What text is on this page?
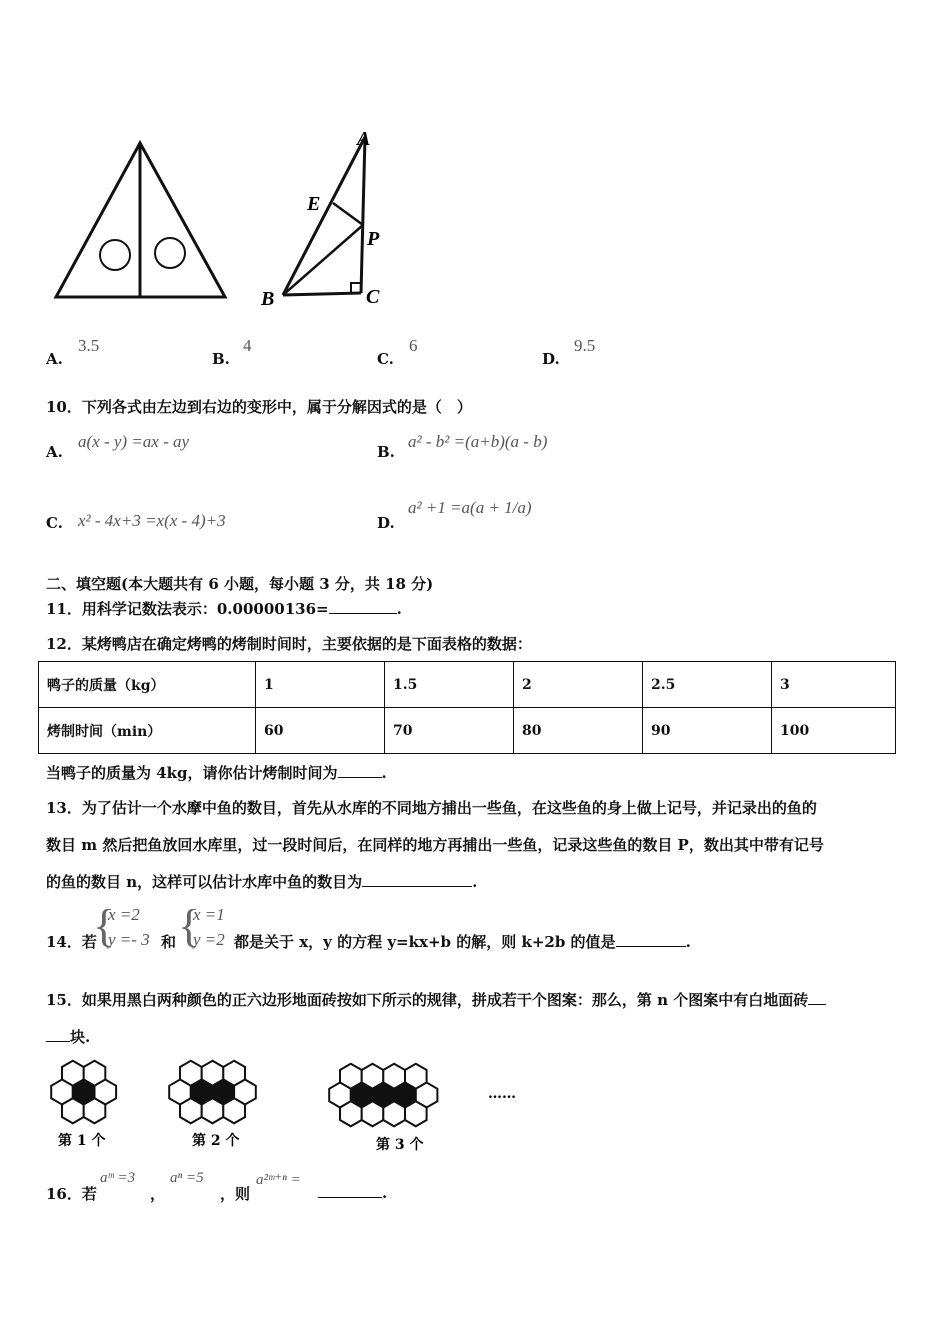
A
E
P
B	C
A.
3.5
B.
4
C.
6
D.
9.5
10．下列各式由左边到右边的变形中，属于分解因式的是（　）
A.
a(x - y) =ax - ay
B.
a² - b² =(a+b)(a - b)
C. x² - 4x+3 =x(x - 4)+3	D.
a² +1 =a(a + 1/a)
二、填空题(本大题共有 6 小题，每小题 3 分，共 18 分)
11．用科学记数法表示：0.00000136=	.
12．某烤鸭店在确定烤鸭的烤制时间时，主要依据的是下面表格的数据：
鸭子的质量（kg）	1	1.5	2	2.5	3
烤制时间（min）	60	70	80	90	100
当鸭子的质量为 4kg，请你估计烤制时间为	.
13．为了估计一个水摩中鱼的数目，首先从水库的不同地方捕出一些鱼，在这些鱼的身上做上记号，并记录出的鱼的
数目 m 然后把鱼放回水库里，过一段时间后，在同样的地方再捕出一些鱼，记录这些鱼的数目 P，数出其中带有记号
的鱼的数目 n，这样可以估计水库中鱼的数目为	.
14．若
{
x =2
y =- 3 和 {
x =1
y =2 都是关于 x，y 的方程 y=kx+b 的解，则 k+2b 的值是	.
15．如果用黑白两种颜色的正六边形地面砖按如下所示的规律，拼成若干个图案：那么，第 n 个图案中有白地面砖
块.
第 1 个	第 2 个	第 3 个
……
16．若
aᵐ =3
，
aⁿ =5
，则
a²ᵐ⁺ⁿ =
.
